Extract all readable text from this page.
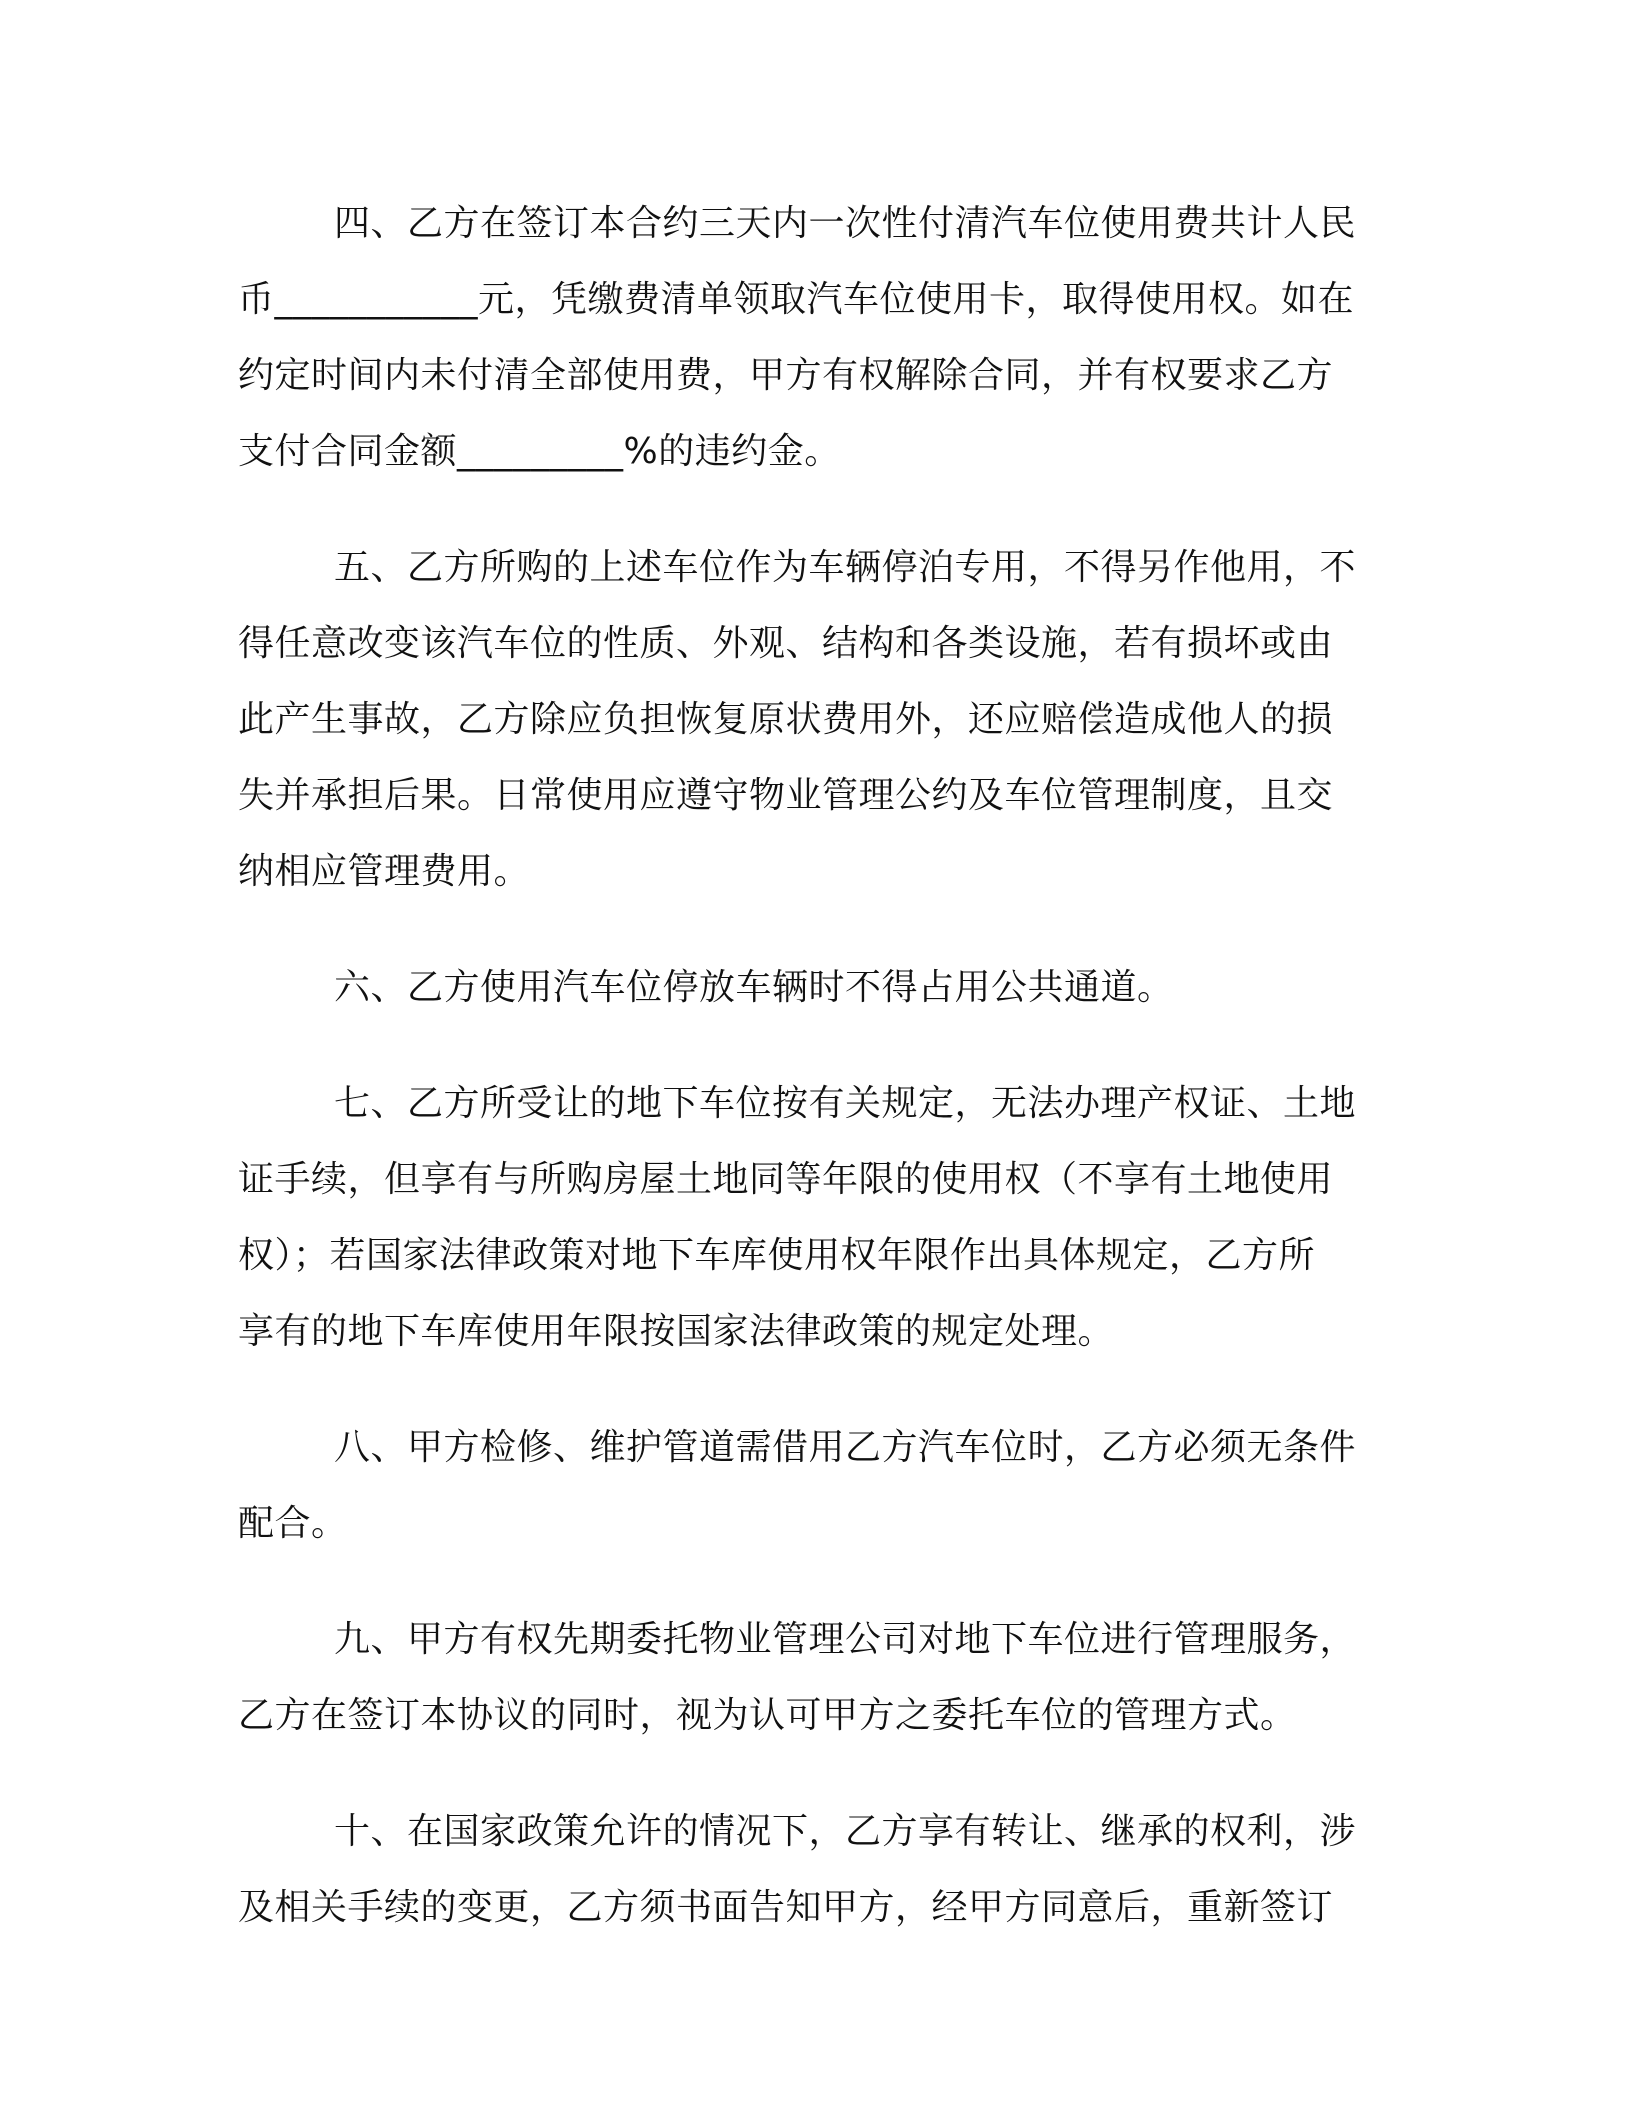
四、乙方在签订本合约三天内一次性付清汽车位使用费共计人民
币___________元，凭缴费清单领取汽车位使用卡，取得使用权。如在
约定时间内未付清全部使用费，甲方有权解除合同，并有权要求乙方
支付合同金额_________%的违约金。
五、乙方所购的上述车位作为车辆停泊专用，不得另作他用，不
得任意改变该汽车位的性质、外观、结构和各类设施，若有损坏或由
此产生事故，乙方除应负担恢复原状费用外，还应赔偿造成他人的损
失并承担后果。日常使用应遵守物业管理公约及车位管理制度，且交
纳相应管理费用。
六、乙方使用汽车位停放车辆时不得占用公共通道。
七、乙方所受让的地下车位按有关规定，无法办理产权证、土地
证手续，但享有与所购房屋土地同等年限的使用权（不享有土地使用
权）；若国家法律政策对地下车库使用权年限作出具体规定，乙方所
享有的地下车库使用年限按国家法律政策的规定处理。
八、甲方检修、维护管道需借用乙方汽车位时，乙方必须无条件
配合。
九、甲方有权先期委托物业管理公司对地下车位进行管理服务，
乙方在签订本协议的同时，视为认可甲方之委托车位的管理方式。
十、在国家政策允许的情况下，乙方享有转让、继承的权利，涉
及相关手续的变更，乙方须书面告知甲方，经甲方同意后，重新签订
